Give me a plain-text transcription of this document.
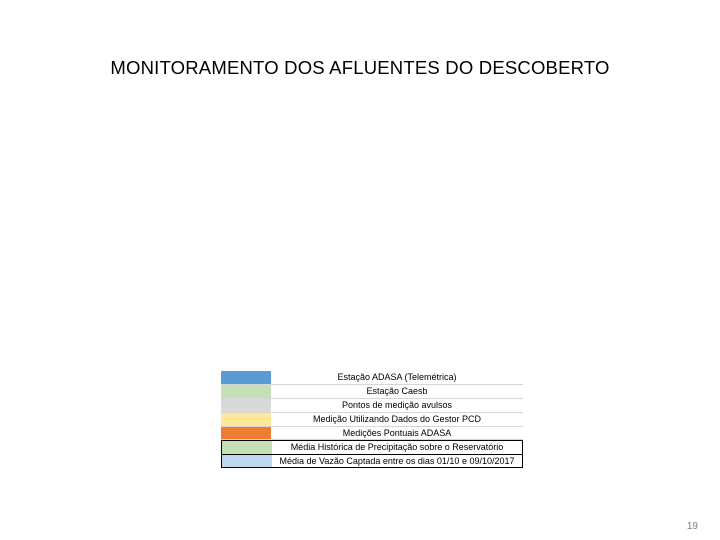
MONITORAMENTO DOS AFLUENTES DO DESCOBERTO
Estação ADASA (Telemétrica)
Estação Caesb
Pontos de medição avulsos
Medição Utilizando Dados do Gestor PCD
Medições Pontuais ADASA
Média Histórica de Precipitação sobre o Reservatório
Média de Vazão Captada entre os dias 01/10 e 09/10/2017
19
